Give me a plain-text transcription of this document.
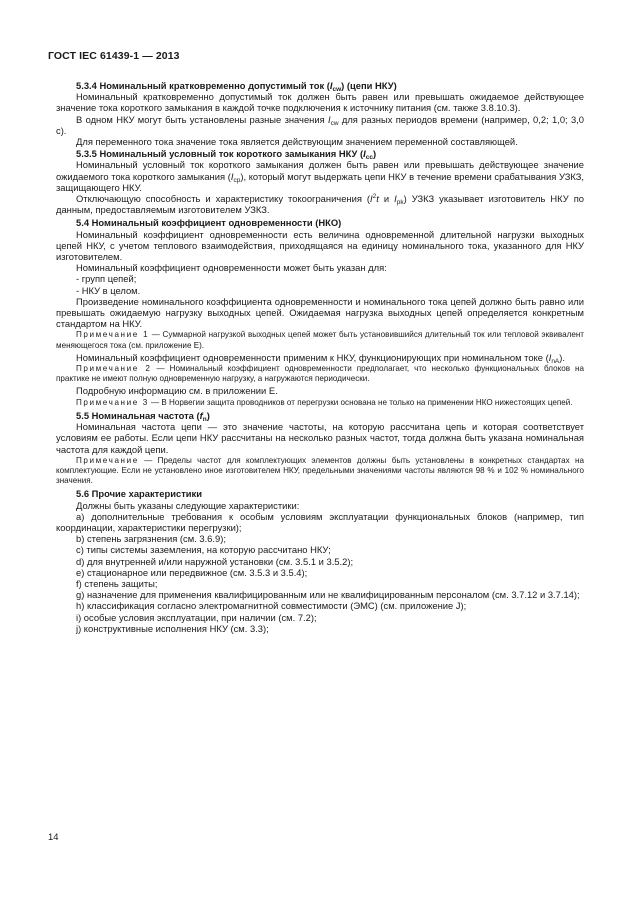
ГОСТ IEC 61439-1 — 2013

5.3.4 Номинальный кратковременно допустимый ток $(I_{cw})$ (цепи НКУ)

Номинальный кратковременно допустимый ток должен быть равен или превышать ожидаемое действующее значение тока короткого замыкания в каждой точке подключения к источнику питания (см. также 3.8.10.3).

В одном НКУ могут быть установлены разные значения $I_{cw}$ для разных периодов времени (например, 0,2; 1,0; 3,0 с).

Для переменного тока значение тока является действующим значением переменной составляющей.

5.3.5 Номинальный условный ток короткого замыкания НКУ $(I_{cc})$

Номинальный условный ток короткого замыкания должен быть равен или превышать действующее значение ожидаемого тока короткого замыкания $(I_{cp})$, который могут выдержать цепи НКУ в течение времени срабатывания УЗКЗ, защищающего НКУ.

Отключающую способность и характеристику токоограничения ($I^2t$ и $I_{pk}$) УЗКЗ указывает изготовитель НКУ по данным, предоставляемым изготовителем УЗКЗ.

5.4 Номинальный коэффициент одновременности (НКО)

Номинальный коэффициент одновременности есть величина одновременной длительной нагрузки выходных цепей НКУ, с учетом теплового взаимодействия, приходящаяся на единицу номинального тока, указанного для НКУ изготовителем.

Номинальный коэффициент одновременности может быть указан для:

- групп цепей;

- НКУ в целом.

Произведение номинального коэффициента одновременности и номинального тока цепей должно быть равно или превышать ожидаемую нагрузку выходных цепей. Ожидаемая нагрузка выходных цепей определяется конкретным стандартом на НКУ.

Примечание 1 — Суммарной нагрузкой выходных цепей может быть установившийся длительный ток или тепловой эквивалент меняющегося тока (см. приложение Е).

Номинальный коэффициент одновременности применим к НКУ, функционирующих при номинальном токе $(I_{nA})$.

Примечание 2 — Номинальный коэффициент одновременности предполагает, что несколько функциональных блоков на практике не имеют полную одновременную нагрузку, а нагружаются периодически.

Подробную информацию см. в приложении Е.

Примечание 3 — В Норвегии защита проводников от перегрузки основана не только на применении НКО нижестоящих цепей.

5.5 Номинальная частота $(f_n)$

Номинальная частота цепи — это значение частоты, на которую рассчитана цепь и которая соответствует условиям ее работы. Если цепи НКУ рассчитаны на несколько разных частот, тогда должна быть указана номинальная частота для каждой цепи.

Примечание — Пределы частот для комплектующих элементов должны быть установлены в конкретных стандартах на комплектующие. Если не установлено иное изготовителем НКУ, предельными значениями частоты являются 98 % и 102 % номинального значения.

5.6 Прочие характеристики

Должны быть указаны следующие характеристики:

a) дополнительные требования к особым условиям эксплуатации функциональных блоков (например, тип координации, характеристики перегрузки);

b) степень загрязнения (см. 3.6.9);

c) типы системы заземления, на которую рассчитано НКУ;

d) для внутренней и/или наружной установки (см. 3.5.1 и 3.5.2);

e) стационарное или передвижное (см. 3.5.3 и 3.5.4);

f) степень защиты;

g) назначение для применения квалифицированным или не квалифицированным персоналом (см. 3.7.12 и 3.7.14);

h) классификация согласно электромагнитной совместимости (ЭМС) (см. приложение J);

i) особые условия эксплуатации, при наличии (см. 7.2);

j) конструктивные исполнения НКУ (см. 3.3);

14
